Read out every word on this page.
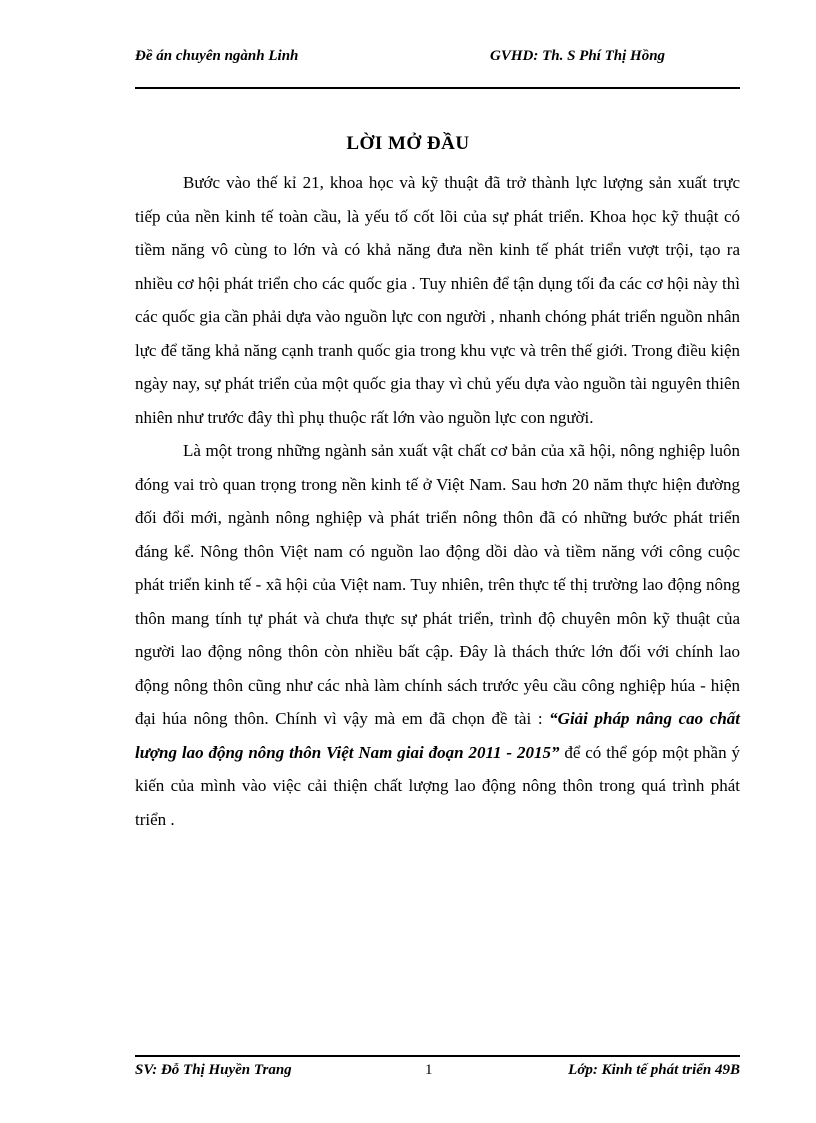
Đề án chuyên ngành Linh	GVHD: Th. S Phí Thị Hồng
LỜI MỞ ĐẦU

Bước vào thế kỉ 21, khoa học và kỹ thuật đã trở thành lực lượng sản xuất trực tiếp của nền kinh tế toàn cầu, là yếu tố cốt lõi của sự phát triển. Khoa học kỹ thuật có tiềm năng vô cùng to lớn và có khả năng đưa nền kinh tế phát triển vượt trội, tạo ra nhiều cơ hội phát triển cho các quốc gia . Tuy nhiên để tận dụng tối đa các cơ hội này thì các quốc gia cần phải dựa vào nguồn lực con người , nhanh chóng phát triển nguồn nhân lực để tăng khả năng cạnh tranh quốc gia trong khu vực và trên thế giới. Trong điều kiện ngày nay, sự phát triển của một quốc gia thay vì chủ yếu dựa vào nguồn tài nguyên thiên nhiên như trước đây thì phụ thuộc rất lớn vào nguồn lực con người.

Là một trong những ngành sản xuất vật chất cơ bản của xã hội, nông nghiệp luôn đóng vai trò quan trọng trong nền kinh tế ở Việt Nam. Sau hơn 20 năm thực hiện đường đối đổi mới, ngành nông nghiệp và phát triển nông thôn đã có những bước phát triển đáng kể. Nông thôn Việt nam có nguồn lao động dồi dào và tiềm năng với công cuộc phát triển kinh tế - xã hội của Việt nam. Tuy nhiên, trên thực tế thị trường lao động nông thôn mang tính tự phát và chưa thực sự phát triển, trình độ chuyên môn kỹ thuật của người lao động nông thôn còn nhiều bất cập. Đây là thách thức lớn đối với chính lao động nông thôn cũng như các nhà làm chính sách trước yêu cầu công nghiệp húa - hiện đại húa nông thôn. Chính vì vậy mà em đã chọn đề tài : “Giải pháp nâng cao chất lượng lao động nông thôn Việt Nam giai đoạn 2011 - 2015” để có thể góp một phần ý kiến của mình vào việc cải thiện chất lượng lao động nông thôn trong quá trình phát triển .

SV: Đỗ Thị Huyền Trang	1	Lớp: Kinh tế phát triển 49B
